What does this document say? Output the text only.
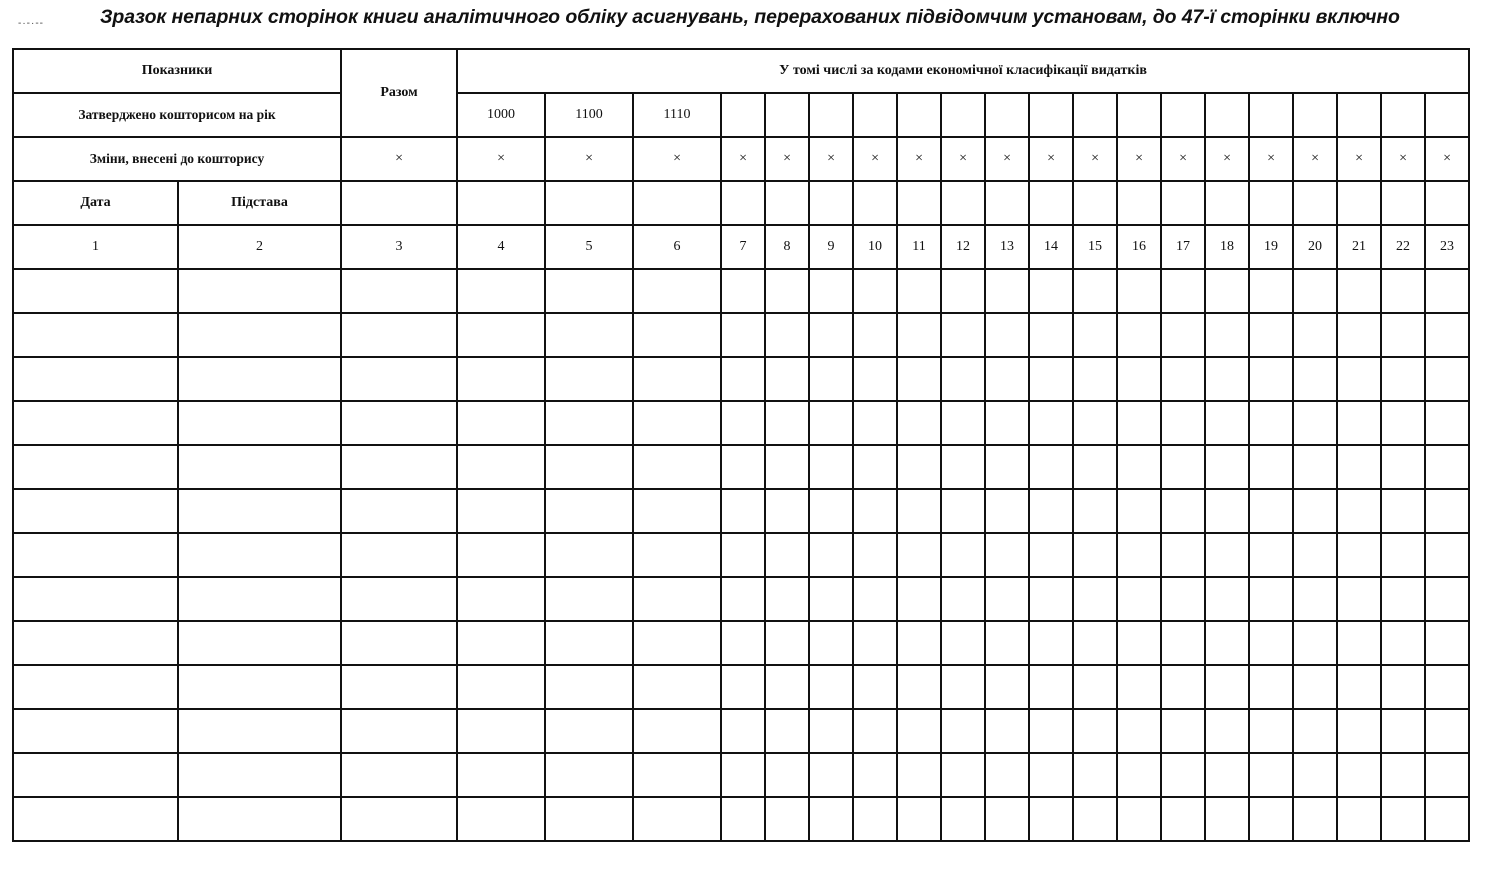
-·-·--	Зразок непарних сторінок книги аналітичного обліку асигнувань, перерахованих підвідомчим установам, до 47-ї сторінки включно
Показники		Разом	У томі числі за кодами економічної класифікації видатків																			
Затверджено кошторисом на рік			1000	1100	1110																	
Зміни, внесені до кошторису		×	×	×	×	×	×	×	×	×	×	×	×	×	×	×	×	×	×	×	×	×
Дата	Підстава																					
1	2	3	4	5	6	7	8	9	10	11	12	13	14	15	16	17	18	19	20	21	22	23
